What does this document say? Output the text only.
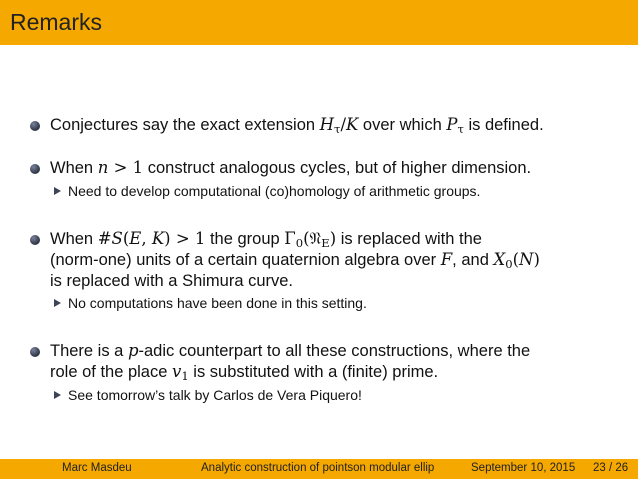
Remarks
Conjectures say the exact extension $H_\tau/K$ over which $P_\tau$ is defined.
When n > 1 construct analogous cycles, but of higher dimension.
Need to develop computational (co)homology of arithmetic groups.
When #S(E, K) > 1 the group $\Gamma_0(𝔑_E)$ is replaced with the
(norm-one) units of a certain quaternion algebra over F, and $X_0(N)$
is replaced with a Shimura curve.
No computations have been done in this setting.
There is a p-adic counterpart to all these constructions, where the
role of the place $v_1$ is substituted with a (finite) prime.
See tomorrow’s talk by Carlos de Vera Piquero!
Marc Masdeu	Analytic construction of pointson modular ellip	September 10, 2015 23 / 26
